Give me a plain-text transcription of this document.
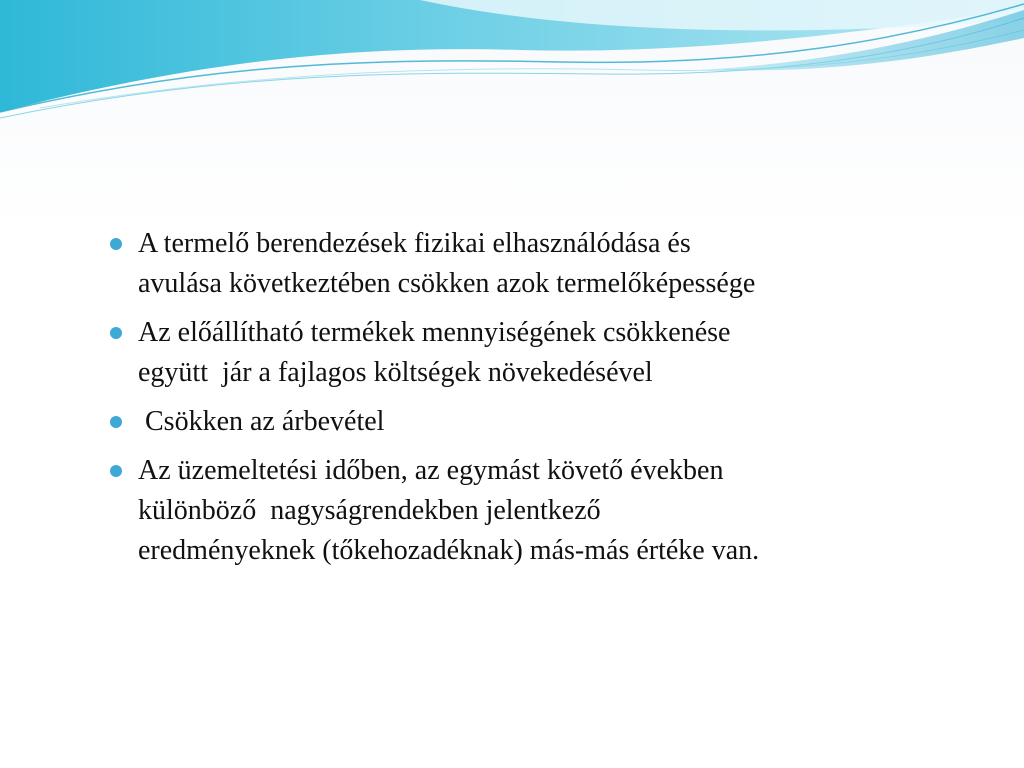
A termelő berendezések fizikai elhasználódása és
avulása következtében csökken azok termelőképessége
Az előállítható termékek mennyiségének csökkenése
együtt  jár a fajlagos költségek növekedésével
Csökken az árbevétel
Az üzemeltetési időben, az egymást követő években
különböző  nagyságrendekben jelentkező
eredményeknek (tőkehozadéknak) más-más értéke van.
